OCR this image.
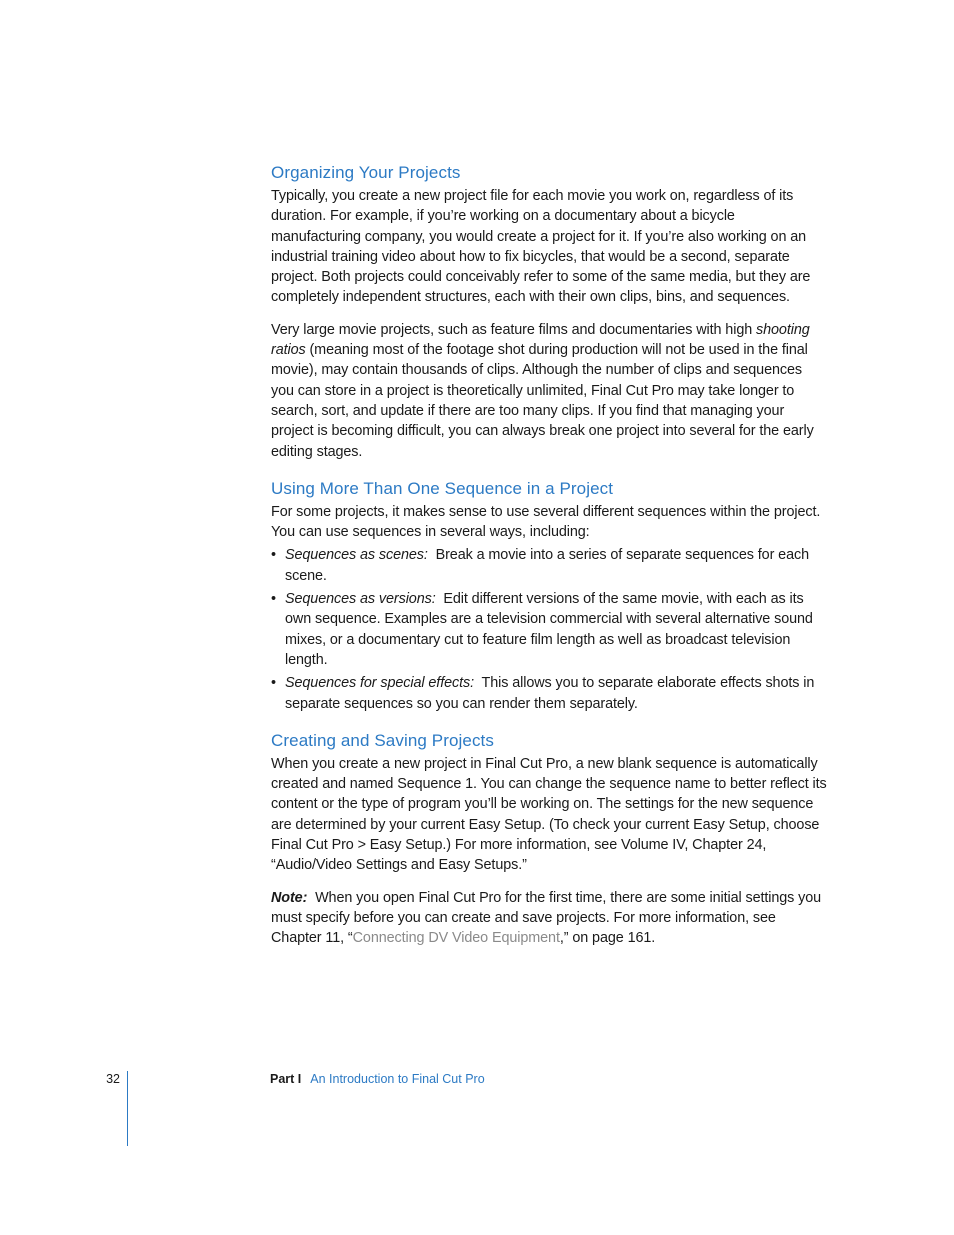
Organizing Your Projects

Typically, you create a new project file for each movie you work on, regardless of its duration. For example, if you’re working on a documentary about a bicycle manufacturing company, you would create a project for it. If you’re also working on an industrial training video about how to fix bicycles, that would be a second, separate project. Both projects could conceivably refer to some of the same media, but they are completely independent structures, each with their own clips, bins, and sequences.

Very large movie projects, such as feature films and documentaries with high shooting ratios (meaning most of the footage shot during production will not be used in the final movie), may contain thousands of clips. Although the number of clips and sequences you can store in a project is theoretically unlimited, Final Cut Pro may take longer to search, sort, and update if there are too many clips. If you find that managing your project is becoming difficult, you can always break one project into several for the early editing stages.

Using More Than One Sequence in a Project

For some projects, it makes sense to use several different sequences within the project. You can use sequences in several ways, including:

• Sequences as scenes: Break a movie into a series of separate sequences for each scene.
• Sequences as versions: Edit different versions of the same movie, with each as its own sequence. Examples are a television commercial with several alternative sound mixes, or a documentary cut to feature film length as well as broadcast television length.
• Sequences for special effects: This allows you to separate elaborate effects shots in separate sequences so you can render them separately.
Creating and Saving Projects

When you create a new project in Final Cut Pro, a new blank sequence is automatically created and named Sequence 1. You can change the sequence name to better reflect its content or the type of program you’ll be working on. The settings for the new sequence are determined by your current Easy Setup. (To check your current Easy Setup, choose Final Cut Pro > Easy Setup.) For more information, see Volume IV, Chapter 24, “Audio/Video Settings and Easy Setups.”

Note: When you open Final Cut Pro for the first time, there are some initial settings you must specify before you can create and save projects. For more information, see Chapter 11, “Connecting DV Video Equipment,” on page 161.

32	Part I An Introduction to Final Cut Pro
